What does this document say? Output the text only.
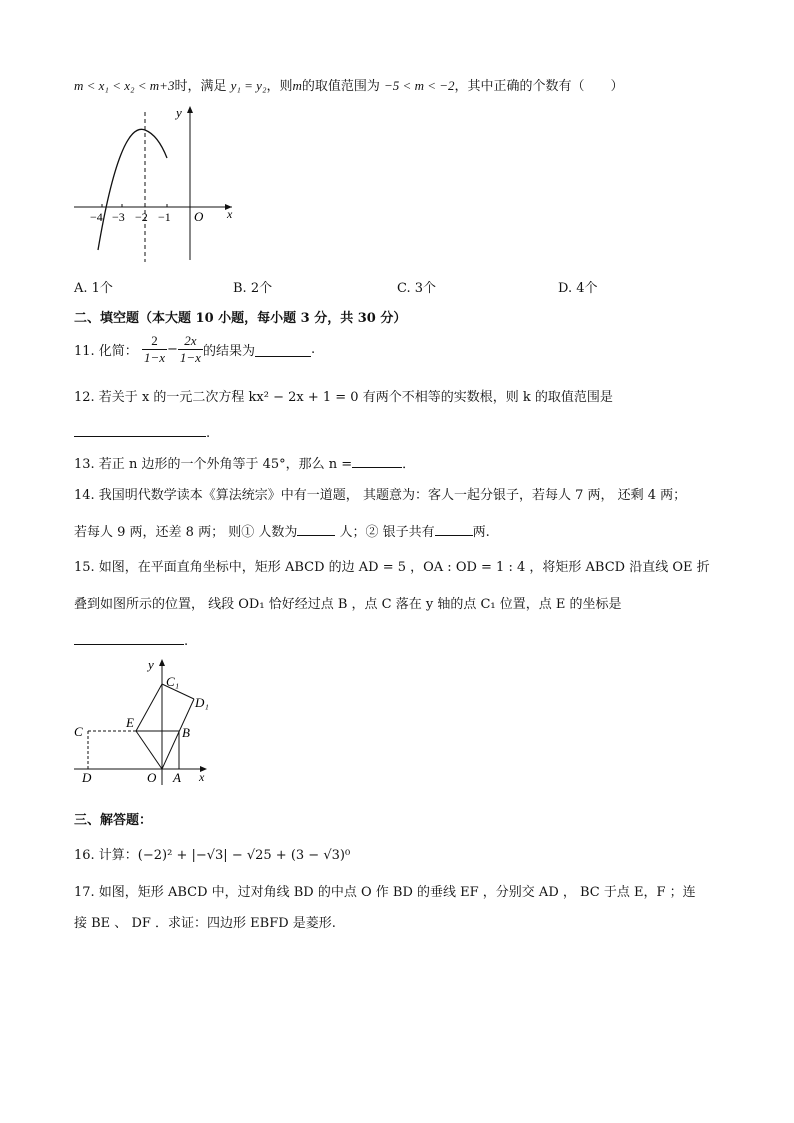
m < x₁ < x₂ < m+3时，满足 y₁ = y₂，则m的取值范围为 −5 < m < −2，其中正确的个数有（　　）
y
x
O
−4 −3 −2 −1
A. 1个	B. 2个	C. 3个	D. 4个
二、填空题（本大题 10 小题，每小题 3 分，共 30 分）
11. 化简： $\frac{2}{1-x} - \frac{2x}{1-x}$ 的结果为	.
12. 若关于 x 的一元二次方程 kx² − 2x + 1 = 0 有两个不相等的实数根，则 k 的取值范围是
.
13. 若正 n 边形的一个外角等于 45°，那么 n =	．
14. 我国明代数学读本《算法统宗》中有一道题， 其题意为：客人一起分银子，若每人 7 两， 还剩 4 两；
若每人 9 两，还差 8 两； 则① 人数为	人；② 银子共有	两.
15. 如图，在平面直角坐标中，矩形 ABCD 的边 AD = 5 ，OA : OD = 1 : 4 ，将矩形 ABCD 沿直线 OE 折
叠到如图所示的位置， 线段 OD₁ 恰好经过点 B ，点 C 落在 y 轴的点 C₁ 位置，点 E 的坐标是
.
y
x
O A
B
C
C₁
D
D₁
E
三、解答题：
16. 计算：(−2)² + |−√3| − √25 + (3 − √3)⁰
17. 如图，矩形 ABCD 中，过对角线 BD 的中点 O 作 BD 的垂线 EF ，分别交 AD ， BC 于点 E，F ；连
接 BE 、 DF ．求证：四边形 EBFD 是菱形.
